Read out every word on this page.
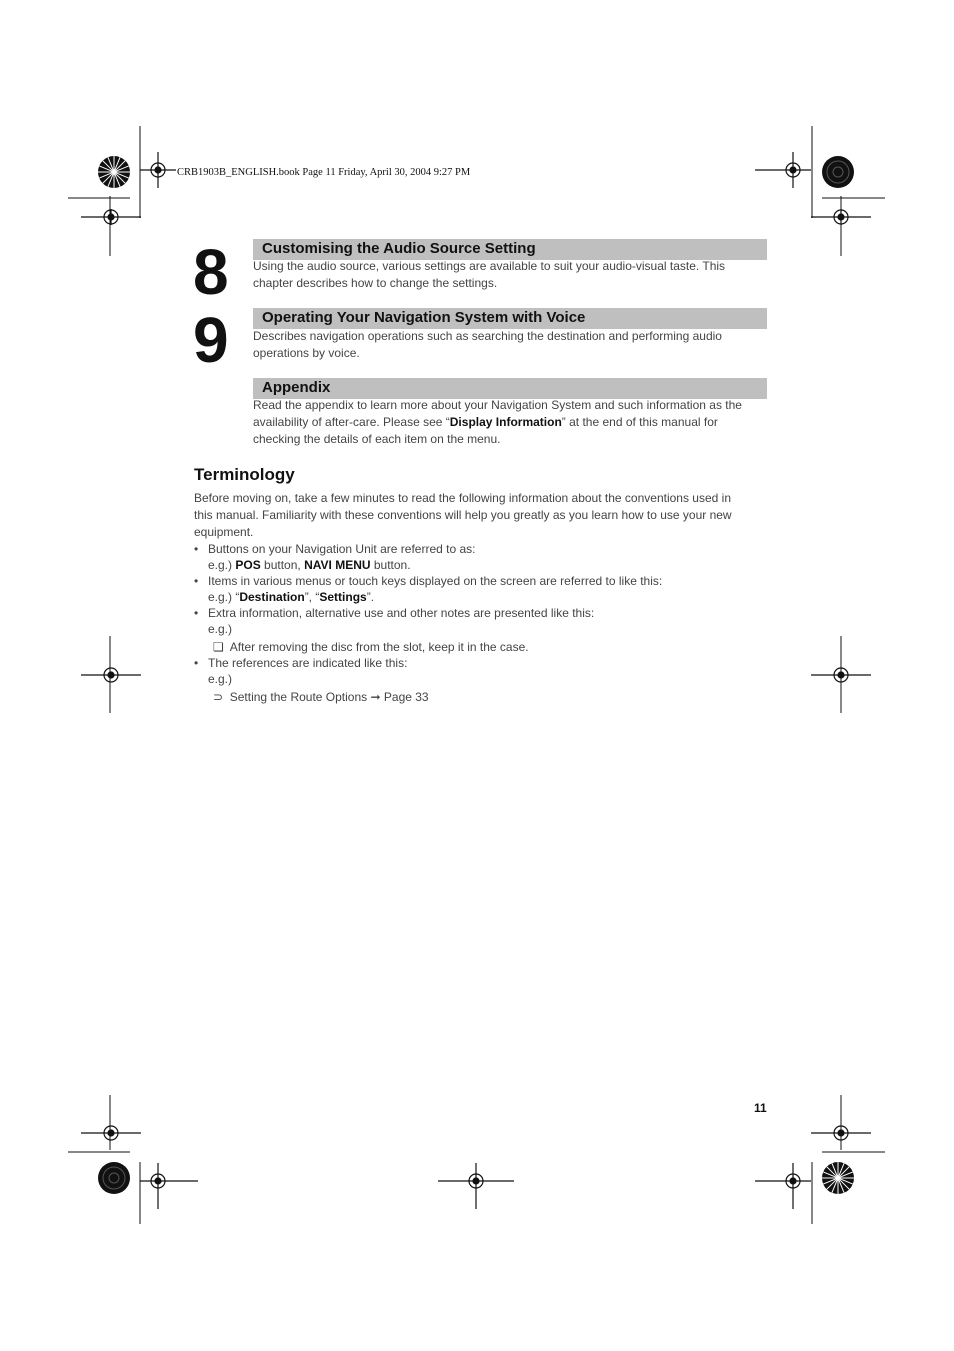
CRB1903B_ENGLISH.book Page 11 Friday, April 30, 2004 9:27 PM
8 Customising the Audio Source Setting
Using the audio source, various settings are available to suit your audio-visual taste. This
chapter describes how to change the settings.
9 Operating Your Navigation System with Voice
Describes navigation operations such as searching the destination and performing audio
operations by voice.
Appendix
Read the appendix to learn more about your Navigation System and such information as the
availability of after-care. Please see “Display Information” at the end of this manual for
checking the details of each item on the menu.
Terminology
Before moving on, take a few minutes to read the following information about the conventions used in
this manual. Familiarity with these conventions will help you greatly as you learn how to use your new
equipment.
• Buttons on your Navigation Unit are referred to as:
e.g.) POS button, NAVI MENU button.
• Items in various menus or touch keys displayed on the screen are referred to like this:
e.g.) “Destination”, “Settings”.
• Extra information, alternative use and other notes are presented like this:
e.g.)
❏ After removing the disc from the slot, keep it in the case.
• The references are indicated like this:
e.g.)
⊃ Setting the Route Options ➞ Page 33
11
